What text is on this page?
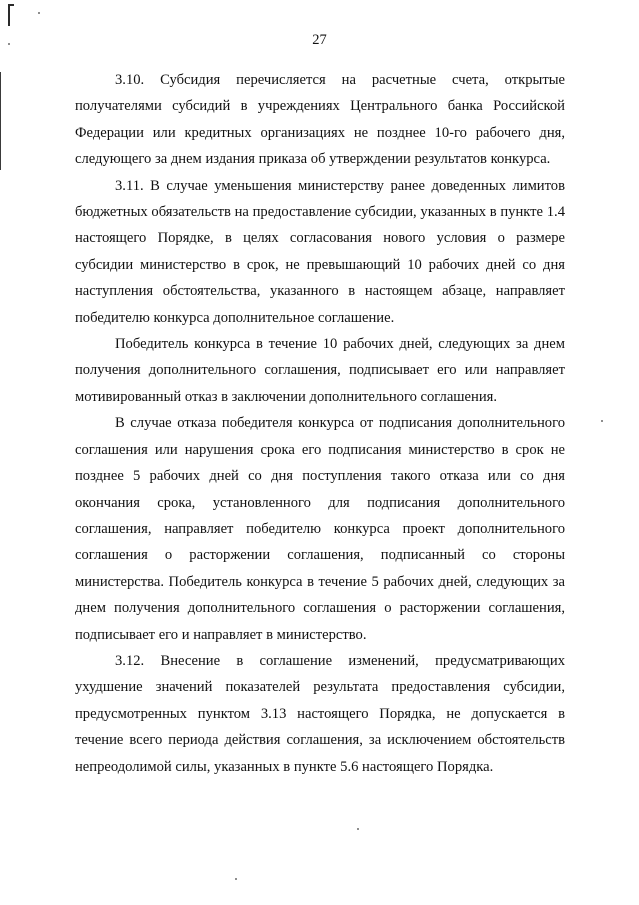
27

3.10. Субсидия перечисляется на расчетные счета, открытые получателями субсидий в учреждениях Центрального банка Российской Федерации или кредитных организациях не позднее 10-го рабочего дня, следующего за днем издания приказа об утверждении результатов конкурса.

3.11. В случае уменьшения министерству ранее доведенных лимитов бюджетных обязательств на предоставление субсидии, указанных в пункте 1.4 настоящего Порядке, в целях согласования нового условия о размере субсидии министерство в срок, не превышающий 10 рабочих дней со дня наступления обстоятельства, указанного в настоящем абзаце, направляет победителю конкурса дополнительное соглашение.

Победитель конкурса в течение 10 рабочих дней, следующих за днем получения дополнительного соглашения, подписывает его или направляет мотивированный отказ в заключении дополнительного соглашения.

В случае отказа победителя конкурса от подписания дополнительного соглашения или нарушения срока его подписания министерство в срок не позднее 5 рабочих дней со дня поступления такого отказа или со дня окончания срока, установленного для подписания дополнительного соглашения, направляет победителю конкурса проект дополнительного соглашения о расторжении соглашения, подписанный со стороны министерства. Победитель конкурса в течение 5 рабочих дней, следующих за днем получения дополнительного соглашения о расторжении соглашения, подписывает его и направляет в министерство.

3.12. Внесение в соглашение изменений, предусматривающих ухудшение значений показателей результата предоставления субсидии, предусмотренных пунктом 3.13 настоящего Порядка, не допускается в течение всего периода действия соглашения, за исключением обстоятельств непреодолимой силы, указанных в пункте 5.6 настоящего Порядка.
